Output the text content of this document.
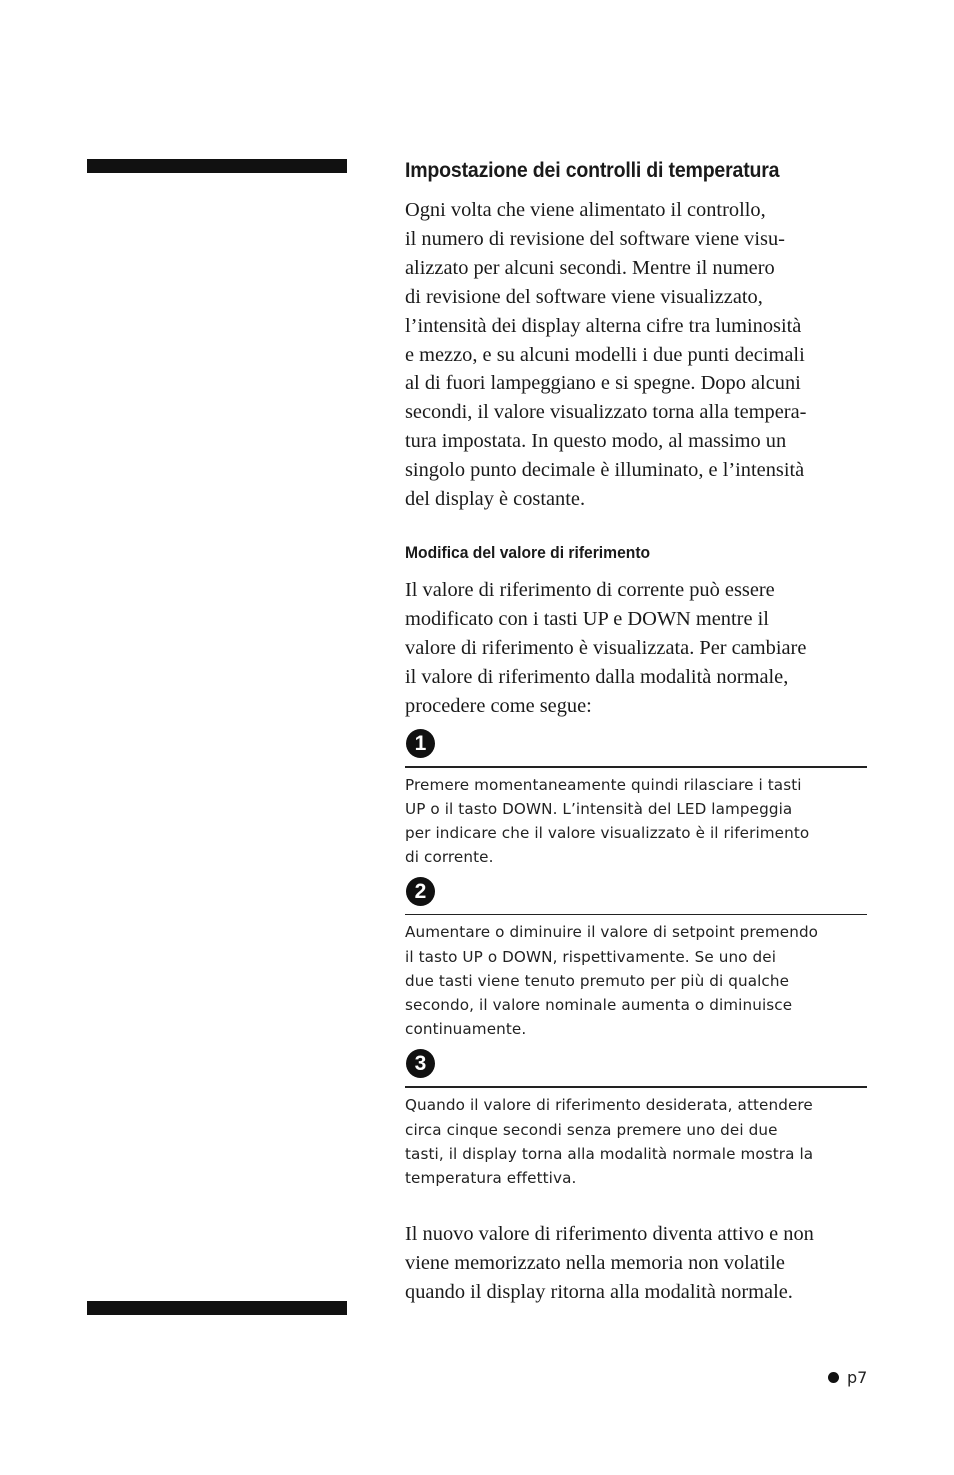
Impostazione dei controlli di temperatura

Ogni volta che viene alimentato il controllo,
il numero di revisione del software viene visu-
alizzato per alcuni secondi. Mentre il numero
di revisione del software viene visualizzato,
l’intensità dei display alterna cifre tra luminosità
e mezzo, e su alcuni modelli i due punti decimali
al di fuori lampeggiano e si spegne. Dopo alcuni
secondi, il valore visualizzato torna alla tempera-
tura impostata. In questo modo, al massimo un
singolo punto decimale è illuminato, e l’intensità
del display è costante.

Modifica del valore di riferimento

Il valore di riferimento di corrente può essere
modificato con i tasti UP e DOWN mentre il
valore di riferimento è visualizzata. Per cambiare
il valore di riferimento dalla modalità normale,
procedere come segue:

1

Premere momentaneamente quindi rilasciare i tasti
UP o il tasto DOWN. L’intensità del LED lampeggia
per indicare che il valore visualizzato è il riferimento
di corrente.

2

Aumentare o diminuire il valore di setpoint premendo
il tasto UP o DOWN, rispettivamente. Se uno dei
due tasti viene tenuto premuto per più di qualche
secondo, il valore nominale aumenta o diminuisce
continuamente.

3

Quando il valore di riferimento desiderata, attendere
circa cinque secondi senza premere uno dei due
tasti, il display torna alla modalità normale mostra la
temperatura effettiva.

Il nuovo valore di riferimento diventa attivo e non
viene memorizzato nella memoria non volatile
quando il display ritorna alla modalità normale.

p7
